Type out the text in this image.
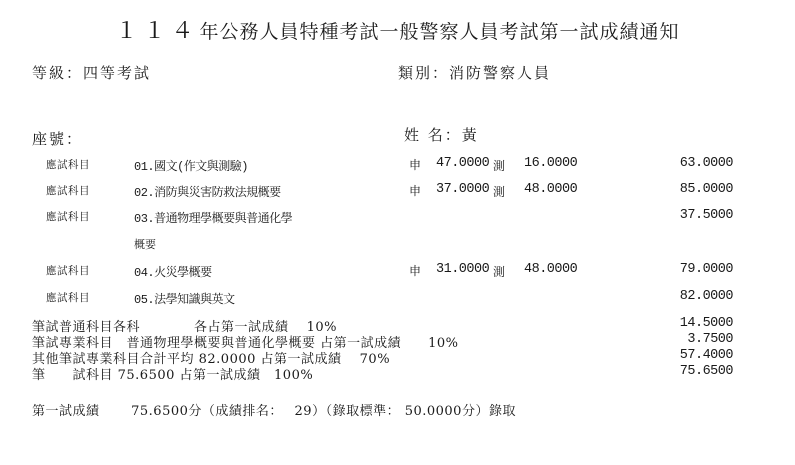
１１４年公務人員特種考試一般警察人員考試第一試成績通知
等級：四等考試	類別：消防警察人員
座號：	姓 名：黃
應試科目	01.國文(作文與測驗)	申 47.0000 測 16.0000	63.0000
應試科目	02.消防與災害防救法規概要	申 37.0000 測 48.0000	85.0000
應試科目	03.普通物理學概要與普通化學	37.5000
概要
應試科目	04.火災學概要	申 31.0000 測 48.0000	79.0000
應試科目	05.法學知識與英文	82.0000
筆試普通科目各科　　　　各占第一試成績　 10%	14.5000
筆試專業科目　普通物理學概要與普通化學概要 占第一試成績　　10%	3.7500
其他筆試專業科目合計平均 82.0000 占第一試成績　 70%	57.4000
筆　　試科目 75.6500 占第一試成績　100%	75.6500
第一試成績　　 75.6500分（成績排名：　 29）（錄取標準： 50.0000分）錄取
